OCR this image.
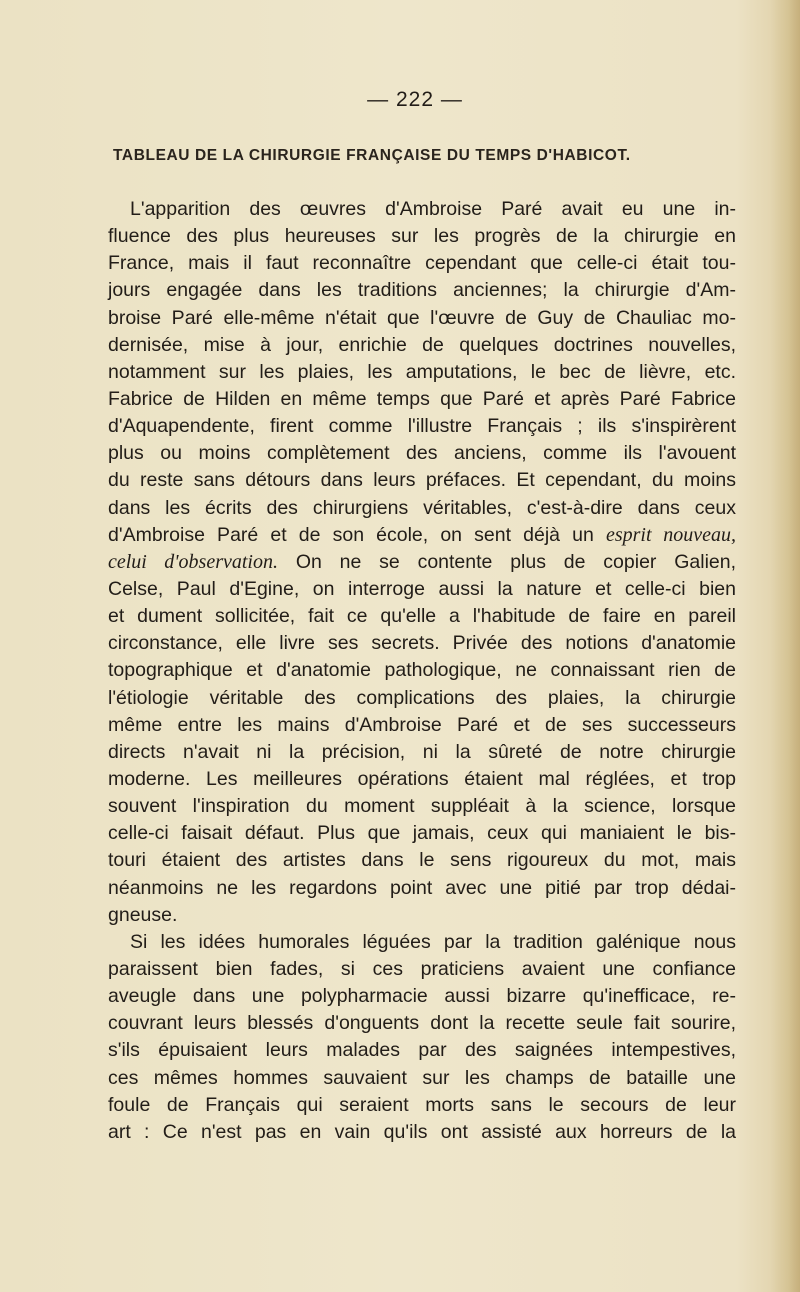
— 222 —
TABLEAU DE LA CHIRURGIE FRANÇAISE DU TEMPS D'HABICOT.
L'apparition des œuvres d'Ambroise Paré avait eu une in-
fluence des plus heureuses sur les progrès de la chirurgie en
France, mais il faut reconnaître cependant que celle-ci était tou-
jours engagée dans les traditions anciennes; la chirurgie d'Am-
broise Paré elle-même n'était que l'œuvre de Guy de Chauliac mo-
dernisée, mise à jour, enrichie de quelques doctrines nouvelles,
notamment sur les plaies, les amputations, le bec de lièvre, etc.
Fabrice de Hilden en même temps que Paré et après Paré Fabrice
d'Aquapendente, firent comme l'illustre Français ; ils s'inspirèrent
plus ou moins complètement des anciens, comme ils l'avouent
du reste sans détours dans leurs préfaces. Et cependant, du moins
dans les écrits des chirurgiens véritables, c'est-à-dire dans ceux
d'Ambroise Paré et de son école, on sent déjà un esprit nouveau,
celui d'observation. On ne se contente plus de copier Galien,
Celse, Paul d'Egine, on interroge aussi la nature et celle-ci bien
et dument sollicitée, fait ce qu'elle a l'habitude de faire en pareil
circonstance, elle livre ses secrets. Privée des notions d'anatomie
topographique et d'anatomie pathologique, ne connaissant rien de
l'étiologie véritable des complications des plaies, la chirurgie
même entre les mains d'Ambroise Paré et de ses successeurs
directs n'avait ni la précision, ni la sûreté de notre chirurgie
moderne. Les meilleures opérations étaient mal réglées, et trop
souvent l'inspiration du moment suppléait à la science, lorsque
celle-ci faisait défaut. Plus que jamais, ceux qui maniaient le bis-
touri étaient des artistes dans le sens rigoureux du mot, mais
néanmoins ne les regardons point avec une pitié par trop dédai-
gneuse.
Si les idées humorales léguées par la tradition galénique nous
paraissent bien fades, si ces praticiens avaient une confiance
aveugle dans une polypharmacie aussi bizarre qu'inefficace, re-
couvrant leurs blessés d'onguents dont la recette seule fait sourire,
s'ils épuisaient leurs malades par des saignées intempestives,
ces mêmes hommes sauvaient sur les champs de bataille une
foule de Français qui seraient morts sans le secours de leur
art : Ce n'est pas en vain qu'ils ont assisté aux horreurs de la
